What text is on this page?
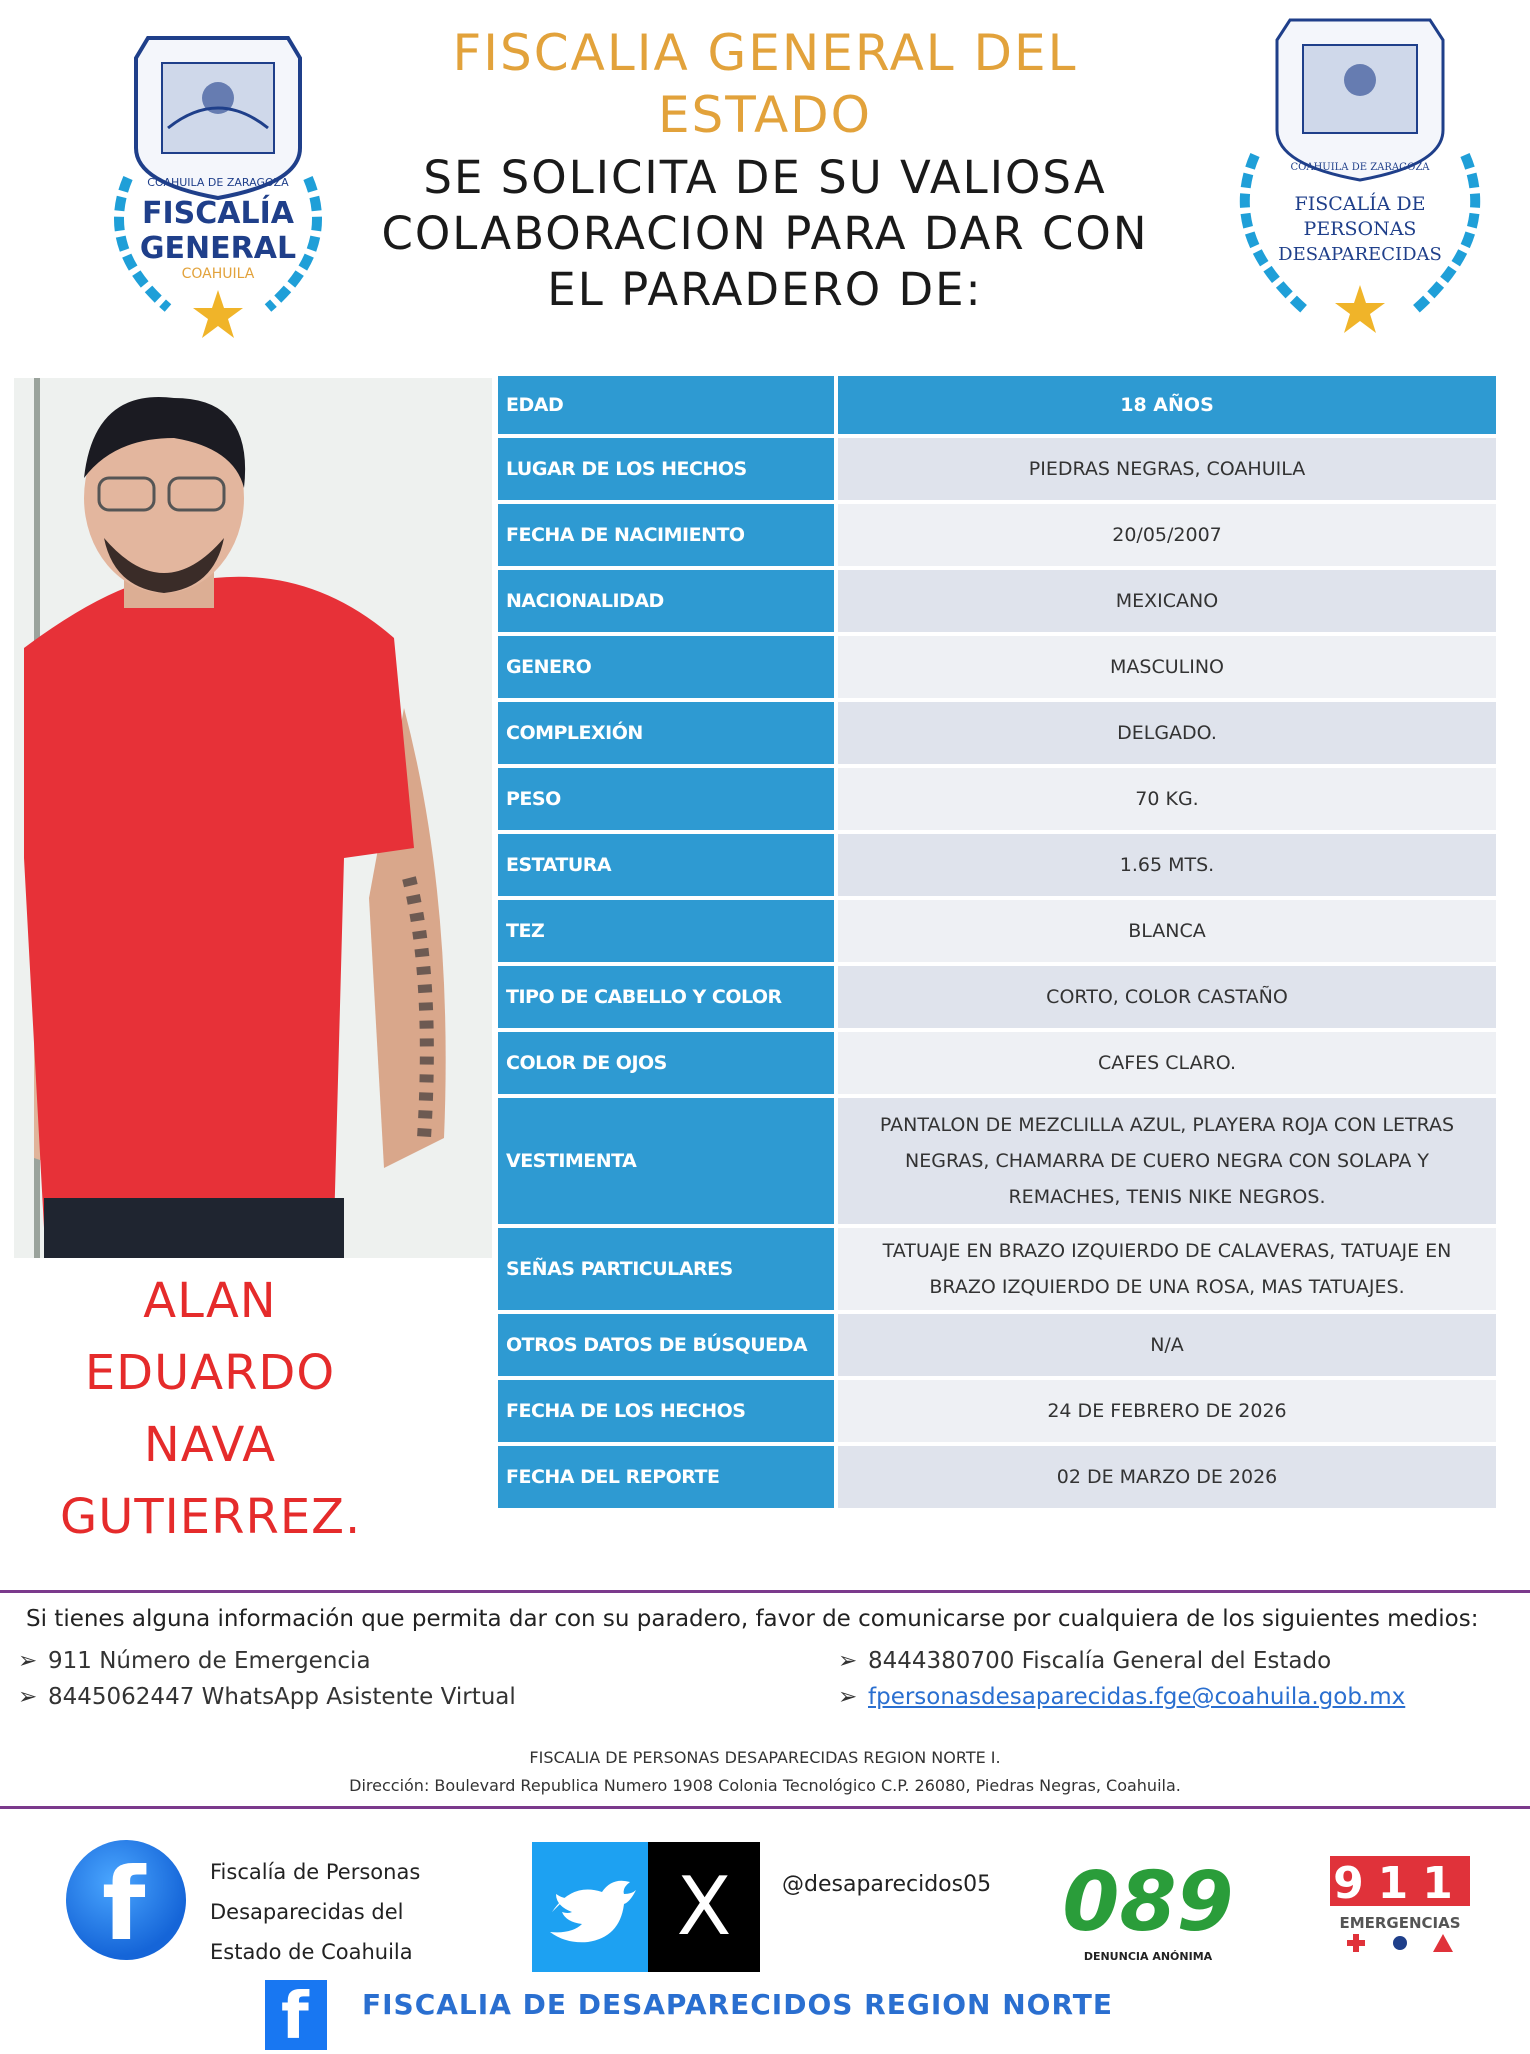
COAHUILA DE ZARAGOZA
FISCALÍA
GENERAL
COAHUILA
COAHUILA DE ZARAGOZA
FISCALÍA DE
PERSONAS
DESAPARECIDAS
FISCALIA GENERAL DEL
ESTADO
SE SOLICITA DE SU VALIOSA
COLABORACION PARA DAR CON
EL PARADERO DE:
ALAN
EDUARDO
NAVA
GUTIERREZ.
EDAD	18 AÑOS
LUGAR DE LOS HECHOS	PIEDRAS NEGRAS, COAHUILA
FECHA DE NACIMIENTO	20/05/2007
NACIONALIDAD	MEXICANO
GENERO	MASCULINO
COMPLEXIÓN	DELGADO.
PESO	70 KG.
ESTATURA	1.65 MTS.
TEZ	BLANCA
TIPO DE CABELLO Y COLOR	CORTO, COLOR CASTAÑO
COLOR DE OJOS	CAFES CLARO.
VESTIMENTA
PANTALON DE MEZCLILLA AZUL, PLAYERA ROJA CON LETRAS NEGRAS, CHAMARRA DE CUERO NEGRA CON SOLAPA Y REMACHES, TENIS NIKE NEGROS.
SEÑAS PARTICULARES
TATUAJE EN BRAZO IZQUIERDO DE CALAVERAS, TATUAJE EN BRAZO IZQUIERDO DE UNA ROSA, MAS TATUAJES.
OTROS DATOS DE BÚSQUEDA	N/A
FECHA DE LOS HECHOS	24 DE FEBRERO DE 2026
FECHA DEL REPORTE	02 DE MARZO DE 2026
Si tienes alguna información que permita dar con su paradero, favor de comunicarse por cualquiera de los siguientes medios:
➢ 911 Número de Emergencia
➢ 8445062447 WhatsApp Asistente Virtual
➢ 8444380700 Fiscalía General del Estado
➢ fpersonasdesaparecidas.fge@coahuila.gob.mx
FISCALIA DE PERSONAS DESAPARECIDAS REGION NORTE I.
Dirección: Boulevard Republica Numero 1908 Colonia Tecnológico C.P. 26080, Piedras Negras, Coahuila.
f	Fiscalía de Personas
Desaparecidas del
Estado de Coahuila	X	@desaparecidos05 089
DENUNCIA ANÓNIMA
911
EMERGENCIAS
f FISCALIA DE DESAPARECIDOS REGION NORTE
